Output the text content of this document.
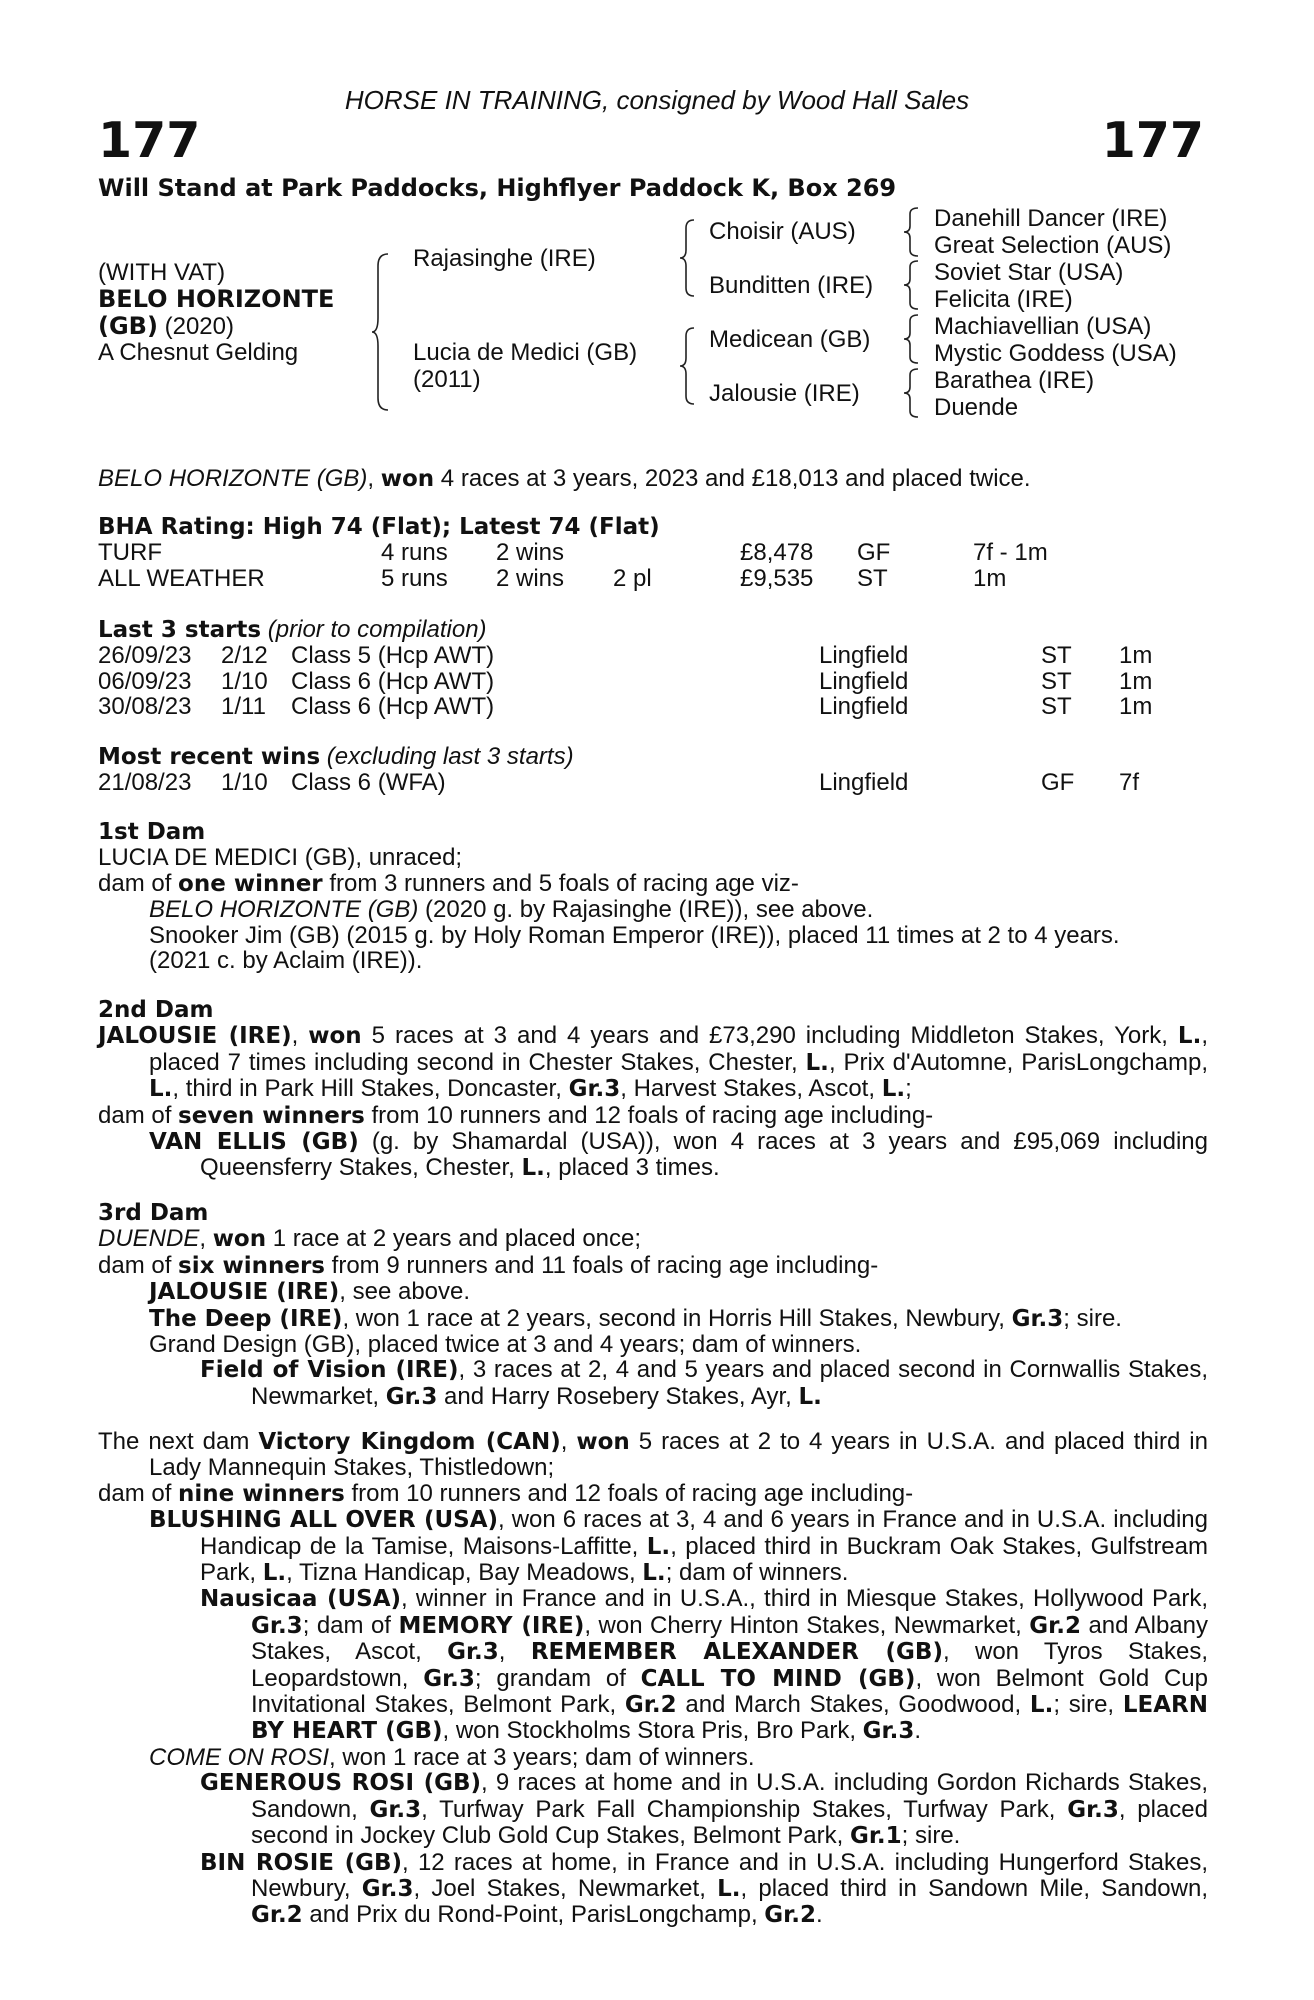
HORSE IN TRAINING, consigned by Wood Hall Sales
177	177
Will Stand at Park Paddocks, Highflyer Paddock K, Box 269
(WITH VAT)
BELO HORIZONTE
(GB) (2020)
A Chesnut Gelding
Rajasinghe (IRE)
Lucia de Medici (GB)
(2011)
Choisir (AUS)
Bunditten (IRE)
Medicean (GB)
Jalousie (IRE)
Danehill Dancer (IRE)
Great Selection (AUS)
Soviet Star (USA)
Felicita (IRE)
Machiavellian (USA)
Mystic Goddess (USA)
Barathea (IRE)
Duende
BELO HORIZONTE (GB), won 4 races at 3 years, 2023 and £18,013 and placed twice.
BHA Rating: High 74 (Flat); Latest 74 (Flat)
TURF	4 runs 2 wins	£8,478 GF	7f - 1m
ALL WEATHER	5 runs 2 wins 2 pl	£9,535 ST	1m
Last 3 starts (prior to compilation)
26/09/23 2/12 Class 5 (Hcp AWT)	Lingfield	ST 1m
06/09/23 1/10 Class 6 (Hcp AWT)	Lingfield	ST 1m
30/08/23 1/11 Class 6 (Hcp AWT)	Lingfield	ST 1m
Most recent wins (excluding last 3 starts)
21/08/23 1/10 Class 6 (WFA)	Lingfield	GF 7f
1st Dam

LUCIA DE MEDICI (GB), unraced;

dam of one winner from 3 runners and 5 foals of racing age viz-

BELO HORIZONTE (GB) (2020 g. by Rajasinghe (IRE)), see above.

Snooker Jim (GB) (2015 g. by Holy Roman Emperor (IRE)), placed 11 times at 2 to 4 years.

(2021 c. by Aclaim (IRE)).

2nd Dam

JALOUSIE (IRE), won 5 races at 3 and 4 years and £73,290 including Middleton Stakes, York, L., placed 7 times including second in Chester Stakes, Chester, L., Prix d'Automne, ParisLongchamp, L., third in Park Hill Stakes, Doncaster, Gr.3, Harvest Stakes, Ascot, L.;

dam of seven winners from 10 runners and 12 foals of racing age including-

VAN ELLIS (GB) (g. by Shamardal (USA)), won 4 races at 3 years and £95,069 including Queensferry Stakes, Chester, L., placed 3 times.

3rd Dam

DUENDE, won 1 race at 2 years and placed once;

dam of six winners from 9 runners and 11 foals of racing age including-

JALOUSIE (IRE), see above.

The Deep (IRE), won 1 race at 2 years, second in Horris Hill Stakes, Newbury, Gr.3; sire.

Grand Design (GB), placed twice at 3 and 4 years; dam of winners.

Field of Vision (IRE), 3 races at 2, 4 and 5 years and placed second in Cornwallis Stakes, Newmarket, Gr.3 and Harry Rosebery Stakes, Ayr, L.

The next dam Victory Kingdom (CAN), won 5 races at 2 to 4 years in U.S.A. and placed third in Lady Mannequin Stakes, Thistledown;

dam of nine winners from 10 runners and 12 foals of racing age including-

BLUSHING ALL OVER (USA), won 6 races at 3, 4 and 6 years in France and in U.S.A. including Handicap de la Tamise, Maisons-Laffitte, L., placed third in Buckram Oak Stakes, Gulfstream Park, L., Tizna Handicap, Bay Meadows, L.; dam of winners.

Nausicaa (USA), winner in France and in U.S.A., third in Miesque Stakes, Hollywood Park, Gr.3; dam of MEMORY (IRE), won Cherry Hinton Stakes, Newmarket, Gr.2 and Albany Stakes, Ascot, Gr.3, REMEMBER ALEXANDER (GB), won Tyros Stakes, Leopardstown, Gr.3; grandam of CALL TO MIND (GB), won Belmont Gold Cup Invitational Stakes, Belmont Park, Gr.2 and March Stakes, Goodwood, L.; sire, LEARN BY HEART (GB), won Stockholms Stora Pris, Bro Park, Gr.3.

COME ON ROSI, won 1 race at 3 years; dam of winners.

GENEROUS ROSI (GB), 9 races at home and in U.S.A. including Gordon Richards Stakes, Sandown, Gr.3, Turfway Park Fall Championship Stakes, Turfway Park, Gr.3, placed second in Jockey Club Gold Cup Stakes, Belmont Park, Gr.1; sire.

BIN ROSIE (GB), 12 races at home, in France and in U.S.A. including Hungerford Stakes, Newbury, Gr.3, Joel Stakes, Newmarket, L., placed third in Sandown Mile, Sandown, Gr.2 and Prix du Rond-Point, ParisLongchamp, Gr.2.
